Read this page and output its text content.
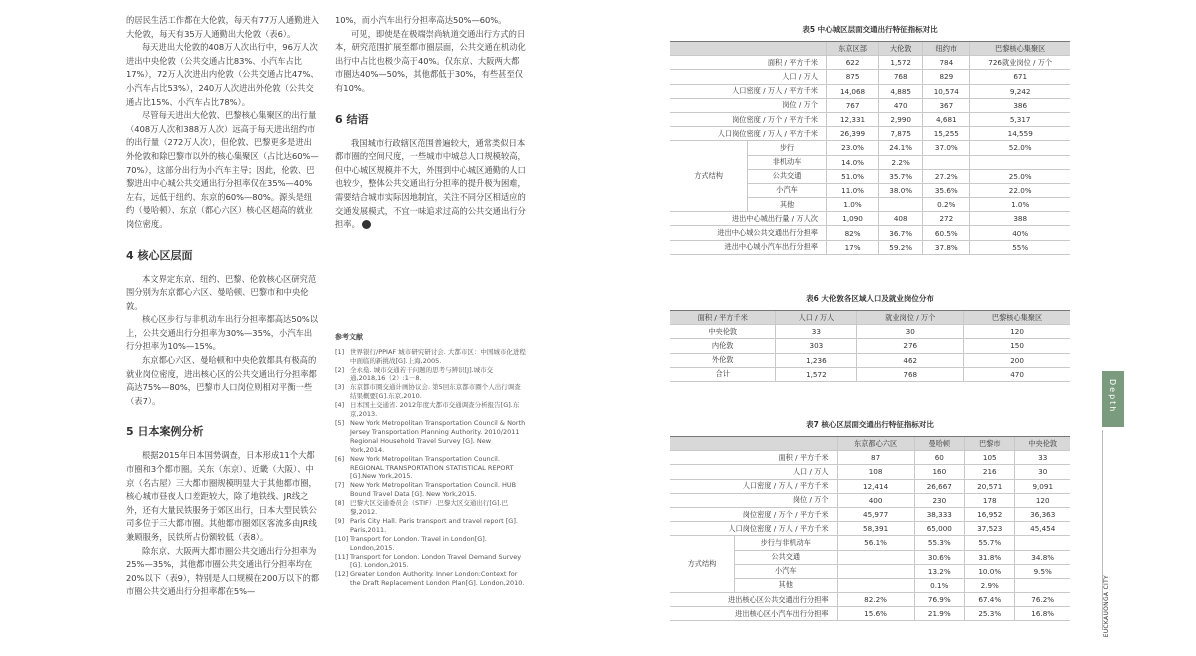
的居民生活工作都在大伦敦，每天有77万人通勤进入大伦敦，每天有35万人通勤出大伦敦（表6）。

每天进出大伦敦的408万人次出行中，96万人次进出中央伦敦（公共交通占比83%、小汽车占比17%），72万人次进出内伦敦（公共交通占比47%、小汽车占比53%），240万人次进出外伦敦（公共交通占比15%、小汽车占比78%）。

尽管每天进出大伦敦、巴黎核心集聚区的出行量（408万人次和388万人次）远高于每天进出纽约市的出行量（272万人次），但伦敦、巴黎更多是进出外伦敦和除巴黎市以外的核心集聚区（占比达60%—70%），这部分出行为小汽车主导；因此，伦敦、巴黎进出中心城公共交通出行分担率仅在35%—40%左右，远低于纽约、东京的60%—80%。源头是纽约（曼哈顿）、东京（都心六区）核心区超高的就业岗位密度。

4 核心区层面

本文界定东京、纽约、巴黎、伦敦核心区研究范围分别为东京都心六区、曼哈顿、巴黎市和中央伦敦。

核心区步行与非机动车出行分担率都高达50%以上，公共交通出行分担率为30%—35%，小汽车出行分担率为10%—15%。

东京都心六区、曼哈顿和中央伦敦都具有极高的就业岗位密度，进出核心区的公共交通出行分担率都高达75%—80%，巴黎市人口岗位则相对平衡一些（表7）。

5 日本案例分析

根据2015年日本国势调查，日本形成11个大都市圈和3个都市圈。关东（东京）、近畿（大阪）、中京（名古屋）三大都市圈规模明显大于其他都市圈，核心城市昼夜人口差距较大，除了地铁线、JR线之外，还有大量民铁服务于郊区出行，日本大型民铁公司多位于三大都市圈。其他都市圈郊区客流多由JR线兼顾服务，民铁所占份额较低（表8）。

除东京、大阪两大都市圈公共交通出行分担率为25%—35%，其他都市圈公共交通出行分担率均在20%以下（表9），特别是人口规模在200万以下的都市圈公共交通出行分担率都在5%—

10%，而小汽车出行分担率高达50%—60%。

可见，即使是在极端崇尚轨道交通出行方式的日本，研究范围扩展至都市圈层面，公共交通在机动化出行中占比也极少高于40%。仅东京、大阪两大都市圈达40%—50%，其他都低于30%，有些甚至仅有10%。

6 结语

我国城市行政辖区范围普遍较大，通常类似日本都市圈的空间尺度，一些城市中城总人口规模较高，但中心城区规模并不大，外围到中心城区通勤的人口也较少，整体公共交通出行分担率的提升极为困难，需要结合城市实际因地制宜，关注不同分区相适应的交通发展模式，不宜一味追求过高的公共交通出行分担率。	E

参考文献
[1] 世界银行/PPIAF 城市研究研讨会. 大都市区：中国城市化进程中面临的新挑战[G].上海,2005.
[2] 全永燊. 城市交通若干问题的思考与辨识[J].城市交通,2018,16（2）:1－8.
[3] 东京都市圈交通计画协议会. 第5回东京都市圈个人出行调查结果概要[G].东京,2010.
[4] 日本国土交通省. 2012年度大都市交通调查分析报告[G].东京,2013.
[5] New York Metropolitan Transportation Council & North Jersey Transportation Planning Authority. 2010/2011 Regional Household Travel Survey [G]. New York,2014.
[6] New York Metropolitan Transportation Council. REGIONAL TRANSPORTATION STATISTICAL REPORT [G].New York,2015.
[7] New York Metropolitan Transportation Council. HUB Bound Travel Data [G]. New York,2015.
[8] 巴黎大区交通委员会（STIF）.巴黎大区交通出行[G].巴黎,2012.
[9] Paris City Hall. Paris transport and travel report [G]. Paris,2011.
[10] Transport for London. Travel in London[G]. London,2015.
[11] Transport for London. London Travel Demand Survey [G]. London,2015.
[12] Greater London Authority. Inner London:Context for the Draft Replacement London Plan[G]. London,2010.
表5 中心城区层面交通出行特征指标对比
		东京区部	大伦敦	纽约市	巴黎核心集聚区
面积 / 平方千米		622	1,572	784	726就业岗位 / 万个
人口 / 万人		875	768	829	671
人口密度 / 万人 / 平方千米		14,068	4,885	10,574	9,242
岗位 / 万个		767	470	367	386
岗位密度 / 万个 / 平方千米		12,331	2,990	4,681	5,317
人口岗位密度 / 万人 / 平方千米		26,399	7,875	15,255	14,559
方式结构	步行	23.0%	24.1%	37.0%	52.0%
	非机动车	14.0%	2.2%		
	公共交通	51.0%	35.7%	27.2%	25.0%
	小汽车	11.0%	38.0%	35.6%	22.0%
	其他	1.0%		0.2%	1.0%
进出中心城出行量 / 万人次		1,090	408	272	388
进出中心城公共交通出行分担率		82%	36.7%	60.5%	40%
进出中心城小汽车出行分担率		17%	59.2%	37.8%	55%
表6 大伦敦各区域人口及就业岗位分布
面积 / 平方千米	人口 / 万人	就业岗位 / 万个	巴黎核心集聚区
中央伦敦	33	30	120
内伦敦	303	276	150
外伦敦	1,236	462	200
合计	1,572	768	470
表7 核心区层面交通出行特征指标对比
		东京都心六区	曼哈顿	巴黎市	中央伦敦
面积 / 平方千米		87	60	105	33
人口 / 万人		108	160	216	30
人口密度 / 万人 / 平方千米		12,414	26,667	20,571	9,091
岗位 / 万个		400	230	178	120
岗位密度 / 万个 / 平方千米		45,977	38,333	16,952	36,363
人口岗位密度 / 万人 / 平方千米		58,391	65,000	37,523	45,454
方式结构	步行与非机动车	56.1%	55.3%	55.7%	
	公共交通		30.6%	31.8%	34.8%
	小汽车		13.2%	10.0%	9.5%
	其他		0.1%	2.9%	
进出核心区公共交通出行分担率		82.2%	76.9%	67.4%	76.2%
进出核心区小汽车出行分担率		15.6%	21.9%	25.3%	16.8%
Depth
EUCKAUONGA CITY
